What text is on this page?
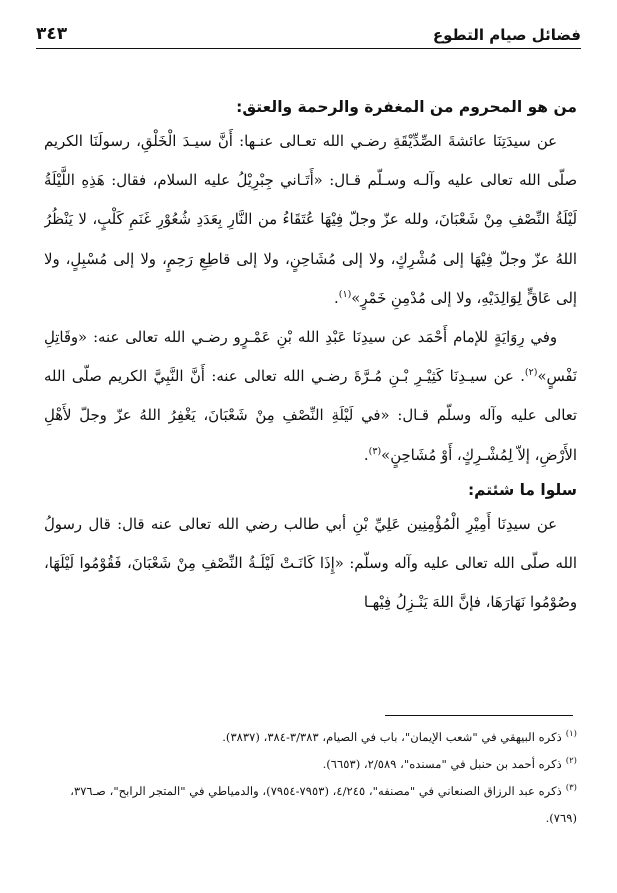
فضائل صيام التطوع
٣٤٣
من هو المحروم من المغفرة والرحمة والعتق:

عن سيدَتِنَا عائشةَ الصِّدِّيْقَةِ رضـي الله تعـالى عنـها: أَنَّ سيـدَ الْخَلْقِ، رسولَنَا الكريم صلّى الله تعالى عليه وآلـه وسـلّم قـال: «أَتَـاني جِبْرِيْلُ عليه السلام، فقال: هَذِهِ اللَّيْلَةُ لَيْلَةُ النِّصْفِ مِنْ شَعْبَانَ، ولله عزّ وجلّ فِيْهَا عُتَقَاءُ من النَّارِ بِعَدَدِ شُعُوْرِ غَنَمِ كَلْبٍ، لا يَنْظُرُ اللهُ عزّ وجلّ فِيْهَا إلى مُشْرِكٍ، ولا إلى مُشَاحِنٍ، ولا إلى قاطِعِ رَحِمٍ، ولا إلى مُسْبِلٍ، ولا إلى عَاقٍّ لِوَالِدَيْهِ، ولا إلى مُدْمِنِ خَمْرٍ»$^{(١)}$.

وفي رِوَايَةٍ للإمام أَحْمَد عن سيدِنَا عَبْدِ الله بْنِ عَمْـرٍو رضـي الله تعالى عنه: «وقَاتِلِ نَفْسٍ»$^{(٢)}$. عن سيـدِنَا كَثِيْـرِ بْـنِ مُـرَّةَ رضـي الله تعالى عنه: أَنَّ النَّبِيَّ الكريم صلّى الله تعالى عليه وآله وسلّم قـال: «في لَيْلَةِ النِّصْفِ مِنْ شَعْبَانَ، يَغْفِرُ اللهُ عزّ وجلّ لأَهْلِ الأَرْضِ، إلاّ لِمُشْـرِكٍ، أَوْ مُشَاحِنٍ»$^{(٣)}$.

سلوا ما شئتم:

عن سيدِنَا أَمِيْرِ الْمُؤْمِنِين عَلِيِّ بْنِ أبي طالب رضي الله تعالى عنه قال: قال رسولُ الله صلّى الله تعالى عليه وآله وسلّم: «إِذَا كَانَـتْ لَيْلَـةُ النِّصْفِ مِنْ شَعْبَانَ، فَقُوْمُوا لَيْلَهَا، وصُوْمُوا نَهَارَهَا، فإنَّ اللهَ يَنْـزِلُ فِيْهـا

$^{(١)}$ذكره البيهقي في "شعب الإيمان"، باب في الصيام، ٣/٣٨٣-٣٨٤، (٣٨٣٧).

$^{(٢)}$ذكره أحمد بن حنبل في "مسنده"، ٢/٥٨٩، (٦٦٥٣).

$^{(٣)}$ذكره عبد الرزاق الصنعاني في "مصنفه"، ٤/٢٤٥، (٧٩٥٣-٧٩٥٤)، والدمياطي في "المتجر الرابح"، صـ٣٧٦، (٧٦٩).
